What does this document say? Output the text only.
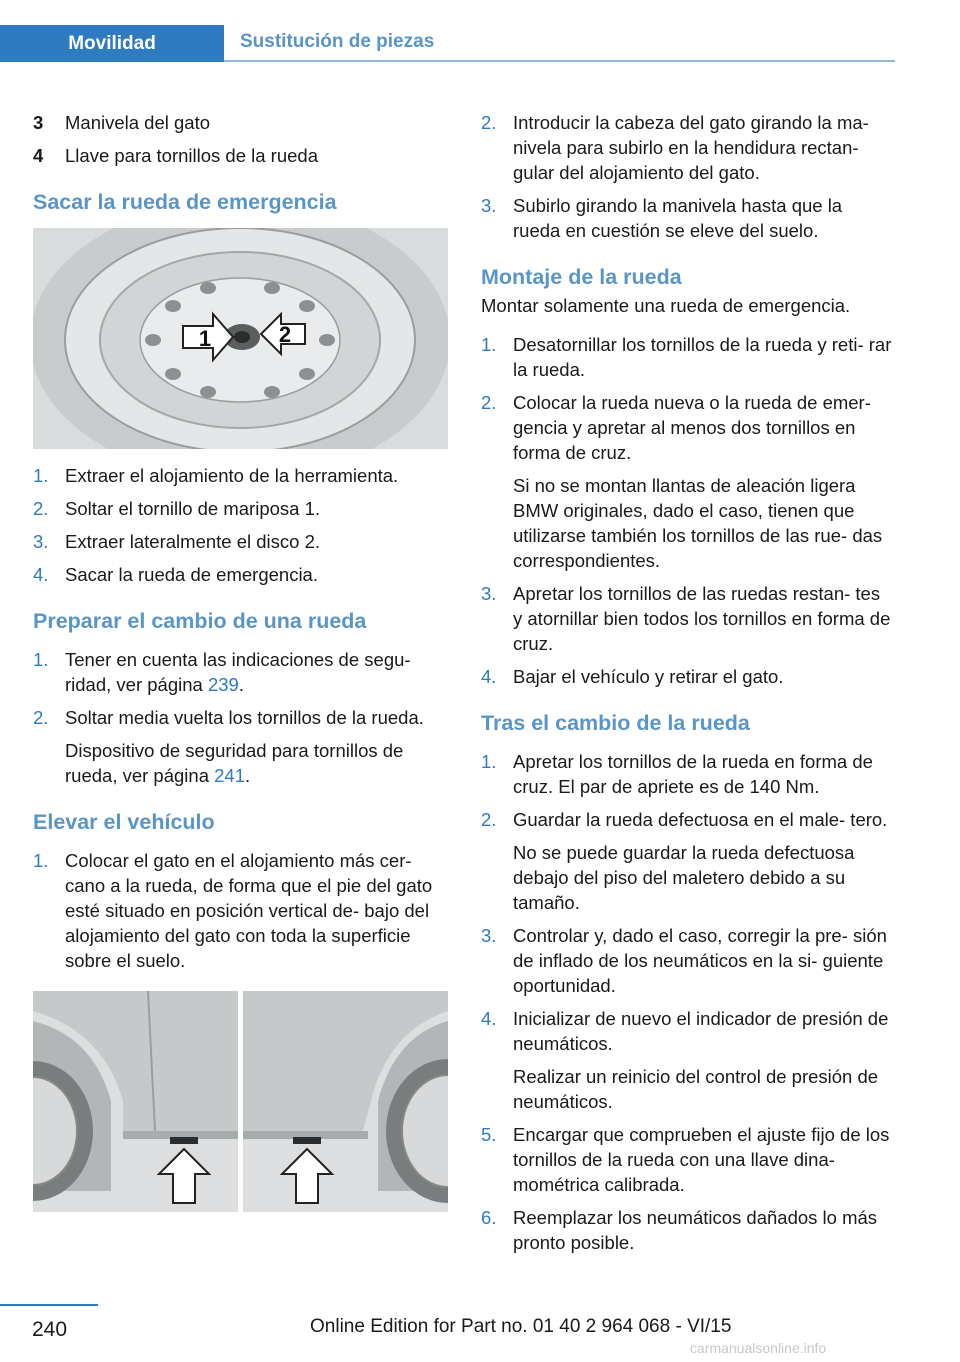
Movilidad	Sustitución de piezas
3	Manivela del gato
4	Llave para tornillos de la rueda
Sacar la rueda de emergencia
1	2
1. Extraer el alojamiento de la herramienta.
2. Soltar el tornillo de mariposa 1.
3. Extraer lateralmente el disco 2.
4. Sacar la rueda de emergencia.
Preparar el cambio de una rueda
1. Tener en cuenta las indicaciones de segu‐ ridad, ver página 239.
2. Soltar media vuelta los tornillos de la rueda.
Dispositivo de seguridad para tornillos de rueda, ver página 241.
Elevar el vehículo
1. Colocar el gato en el alojamiento más cer‐ cano a la rueda, de forma que el pie del gato esté situado en posición vertical de‐ bajo del alojamiento del gato con toda la superficie sobre el suelo.
2. Introducir la cabeza del gato girando la ma‐ nivela para subirlo en la hendidura rectan‐ gular del alojamiento del gato.
3. Subirlo girando la manivela hasta que la rueda en cuestión se eleve del suelo.
Montaje de la rueda
Montar solamente una rueda de emergencia.
1. Desatornillar los tornillos de la rueda y reti‐ rar la rueda.
2. Colocar la rueda nueva o la rueda de emer‐ gencia y apretar al menos dos tornillos en forma de cruz.
Si no se montan llantas de aleación ligera BMW originales, dado el caso, tienen que utilizarse también los tornillos de las rue‐ das correspondientes.
3. Apretar los tornillos de las ruedas restan‐ tes y atornillar bien todos los tornillos en forma de cruz.
4. Bajar el vehículo y retirar el gato.
Tras el cambio de la rueda
1. Apretar los tornillos de la rueda en forma de cruz. El par de apriete es de 140 Nm.
2. Guardar la rueda defectuosa en el male‐ tero.
No se puede guardar la rueda defectuosa debajo del piso del maletero debido a su tamaño.
3. Controlar y, dado el caso, corregir la pre‐ sión de inflado de los neumáticos en la si‐ guiente oportunidad.
4. Inicializar de nuevo el indicador de presión de neumáticos.
Realizar un reinicio del control de presión de neumáticos.
5. Encargar que comprueben el ajuste fijo de los tornillos de la rueda con una llave dina‐ mométrica calibrada.
6. Reemplazar los neumáticos dañados lo más pronto posible.
240	Online Edition for Part no. 01 40 2 964 068 - VI/15
carmanualsonline.info
